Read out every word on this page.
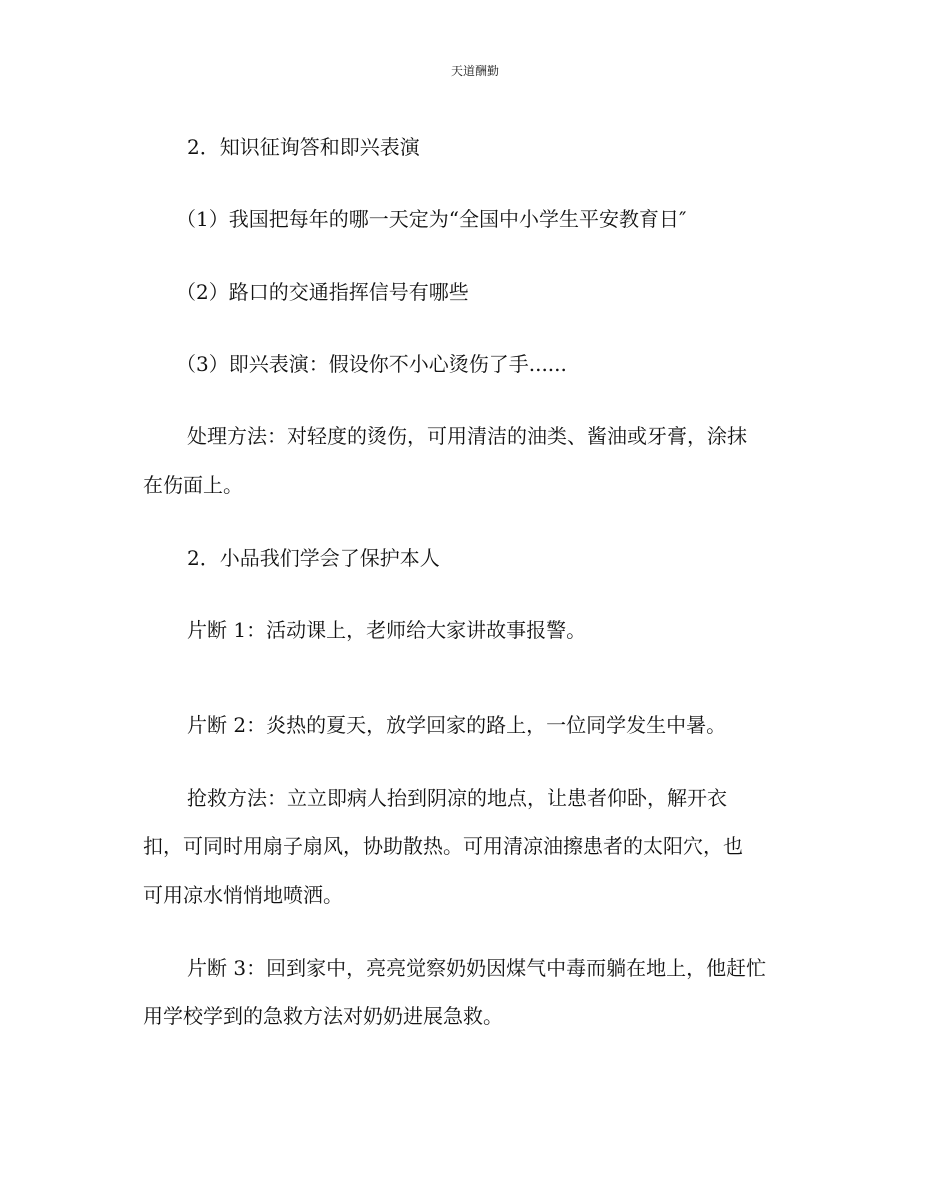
天道酬勤
2．知识征询答和即兴表演
（1）我国把每年的哪一天定为“全国中小学生平安教育日″
（2）路口的交通指挥信号有哪些
（3）即兴表演：假设你不小心烫伤了手......
处理方法：对轻度的烫伤，可用清洁的油类、酱油或牙膏，涂抹
在伤面上。
2．小品我们学会了保护本人
片断 1：活动课上，老师给大家讲故事报警。
片断 2：炎热的夏天，放学回家的路上，一位同学发生中暑。
抢救方法：立立即病人抬到阴凉的地点，让患者仰卧，解开衣
扣，可同时用扇子扇风，协助散热。可用清凉油擦患者的太阳穴，也
可用凉水悄悄地喷洒。
片断 3：回到家中，亮亮觉察奶奶因煤气中毒而躺在地上，他赶忙
用学校学到的急救方法对奶奶进展急救。
